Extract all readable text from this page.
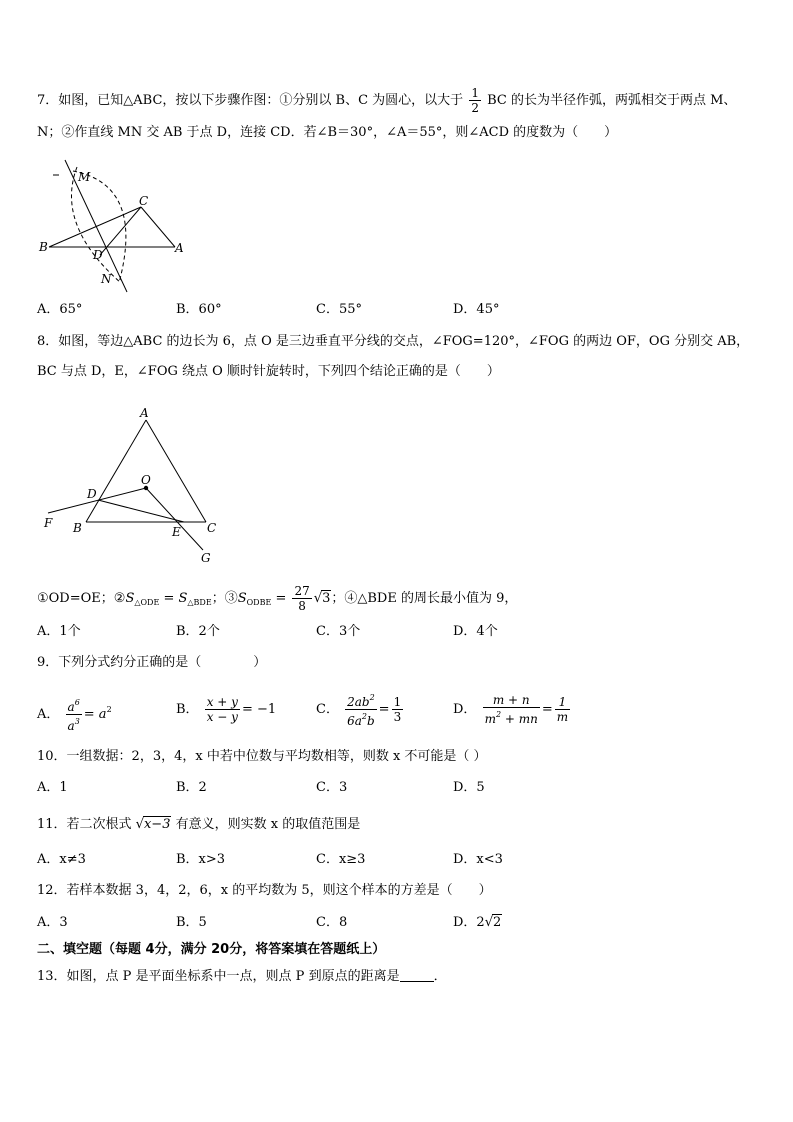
7．如图，已知△ABC，按以下步骤作图：①分别以 B、C 为圆心，以大于 $\frac{1}{2}$ BC 的长为半径作弧，两弧相交于两点 M、
N；②作直线 MN 交 AB 于点 D，连接 CD．若∠B＝30°，∠A＝55°，则∠ACD 的度数为（　　）
M
C
B	A
D
N
A．65°	B．60°	C．55°	D．45°
8．如图，等边△ABC 的边长为 6，点 O 是三边垂直平分线的交点，∠FOG=120°，∠FOG 的两边 OF，OG 分别交 AB，
BC 与点 D，E，∠FOG 绕点 O 顺时针旋转时，下列四个结论正确的是（　　）
A
O
D
F B	E C
G
①OD=OE；$②S_{\triangle ODE} = S_{\triangle BDE}$；$③S_{ODBE} = \frac{27}{8} √3$；④△BDE 的周长最小值为 9，
A．1个	B．2个	C．3个	D．4个
9．下列分式约分正确的是（　　　　）
A． $\frac{a^6}{a^3} = a^2$	B． $\frac{x + y}{x - y} = -1$	C． $\frac{2ab^2}{6a^2b} = \frac{1}{3}$	D． $\frac{m + n}{m^2 + mn} = \frac{1}{m}$
10．一组数据：2，3，4，x 中若中位数与平均数相等，则数 x 不可能是（ ）
A．1	B．2	C．3	D．5
11．若二次根式 √x−3 有意义，则实数 x 的取值范围是
A．x≠3	B．x>3	C．x≥3	D．x<3
12．若样本数据 3，4，2，6，x 的平均数为 5，则这个样本的方差是（　　）
A．3	B．5	C．8	D．2√2
二、填空题（每题 4分，满分 20分，将答案填在答题纸上）
13．如图，点 P 是平面坐标系中一点，则点 P 到原点的距离是	．
